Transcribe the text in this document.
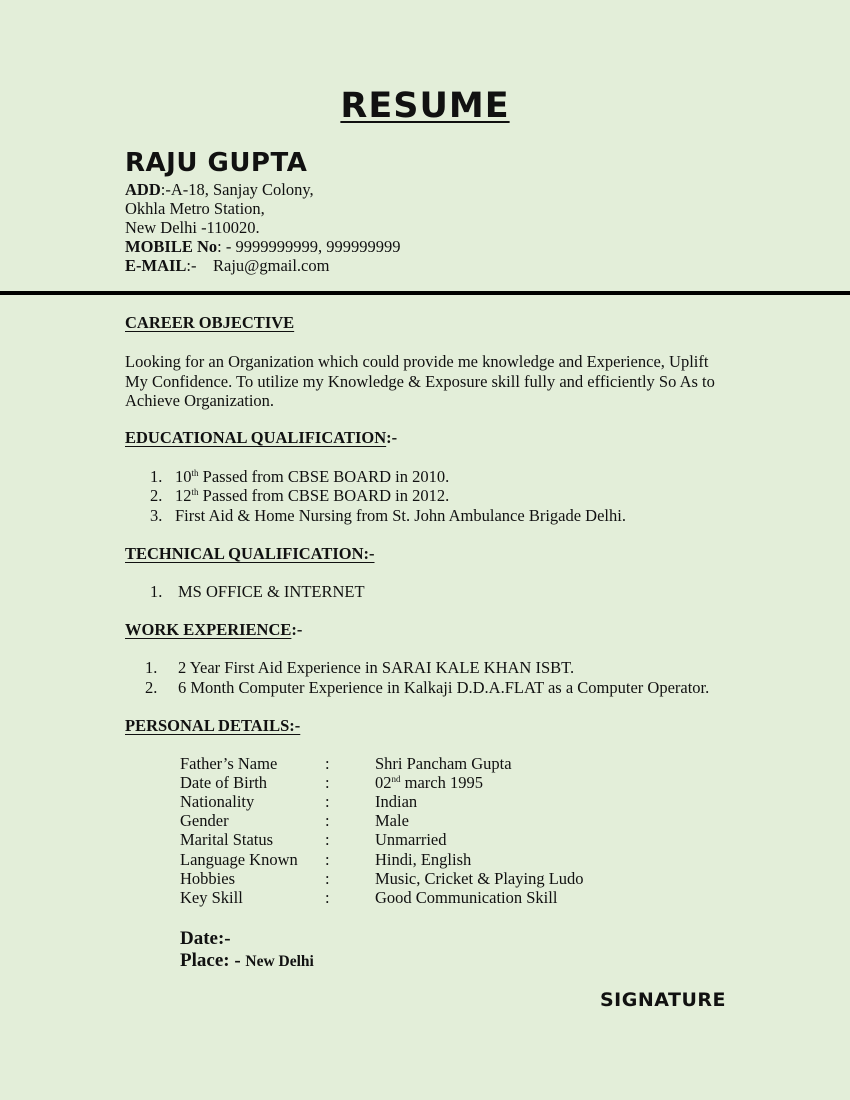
RESUME
RAJU GUPTA
ADD:-A-18, Sanjay Colony,
Okhla Metro Station,
New Delhi -110020.
MOBILE No: - 9999999999, 999999999
E-MAIL:-    Raju@gmail.com
CAREER OBJECTIVE
Looking for an Organization which could provide me knowledge and Experience, Uplift My Confidence. To utilize my Knowledge & Exposure skill fully and efficiently So As to Achieve Organization.
EDUCATIONAL QUALIFICATION:-
1. 10th Passed from CBSE BOARD in 2010.
2. 12th Passed from CBSE BOARD in 2012.
3. First Aid & Home Nursing from St. John Ambulance Brigade Delhi.
TECHNICAL QUALIFICATION:-
1. MS OFFICE & INTERNET
WORK EXPERIENCE:-
1. 2 Year First Aid Experience in SARAI KALE KHAN ISBT.
2. 6 Month Computer Experience in Kalkaji D.D.A.FLAT as a Computer Operator.
PERSONAL DETAILS:-
Father’s Name	:	Shri Pancham Gupta
Date of Birth	:	02nd march 1995
Nationality	:	Indian
Gender	:	Male
Marital Status	:	Unmarried
Language Known :	Hindi, English
Hobbies	:	Music, Cricket & Playing Ludo
Key Skill	:	Good Communication Skill
Date:-
Place: - New Delhi
SIGNATURE
